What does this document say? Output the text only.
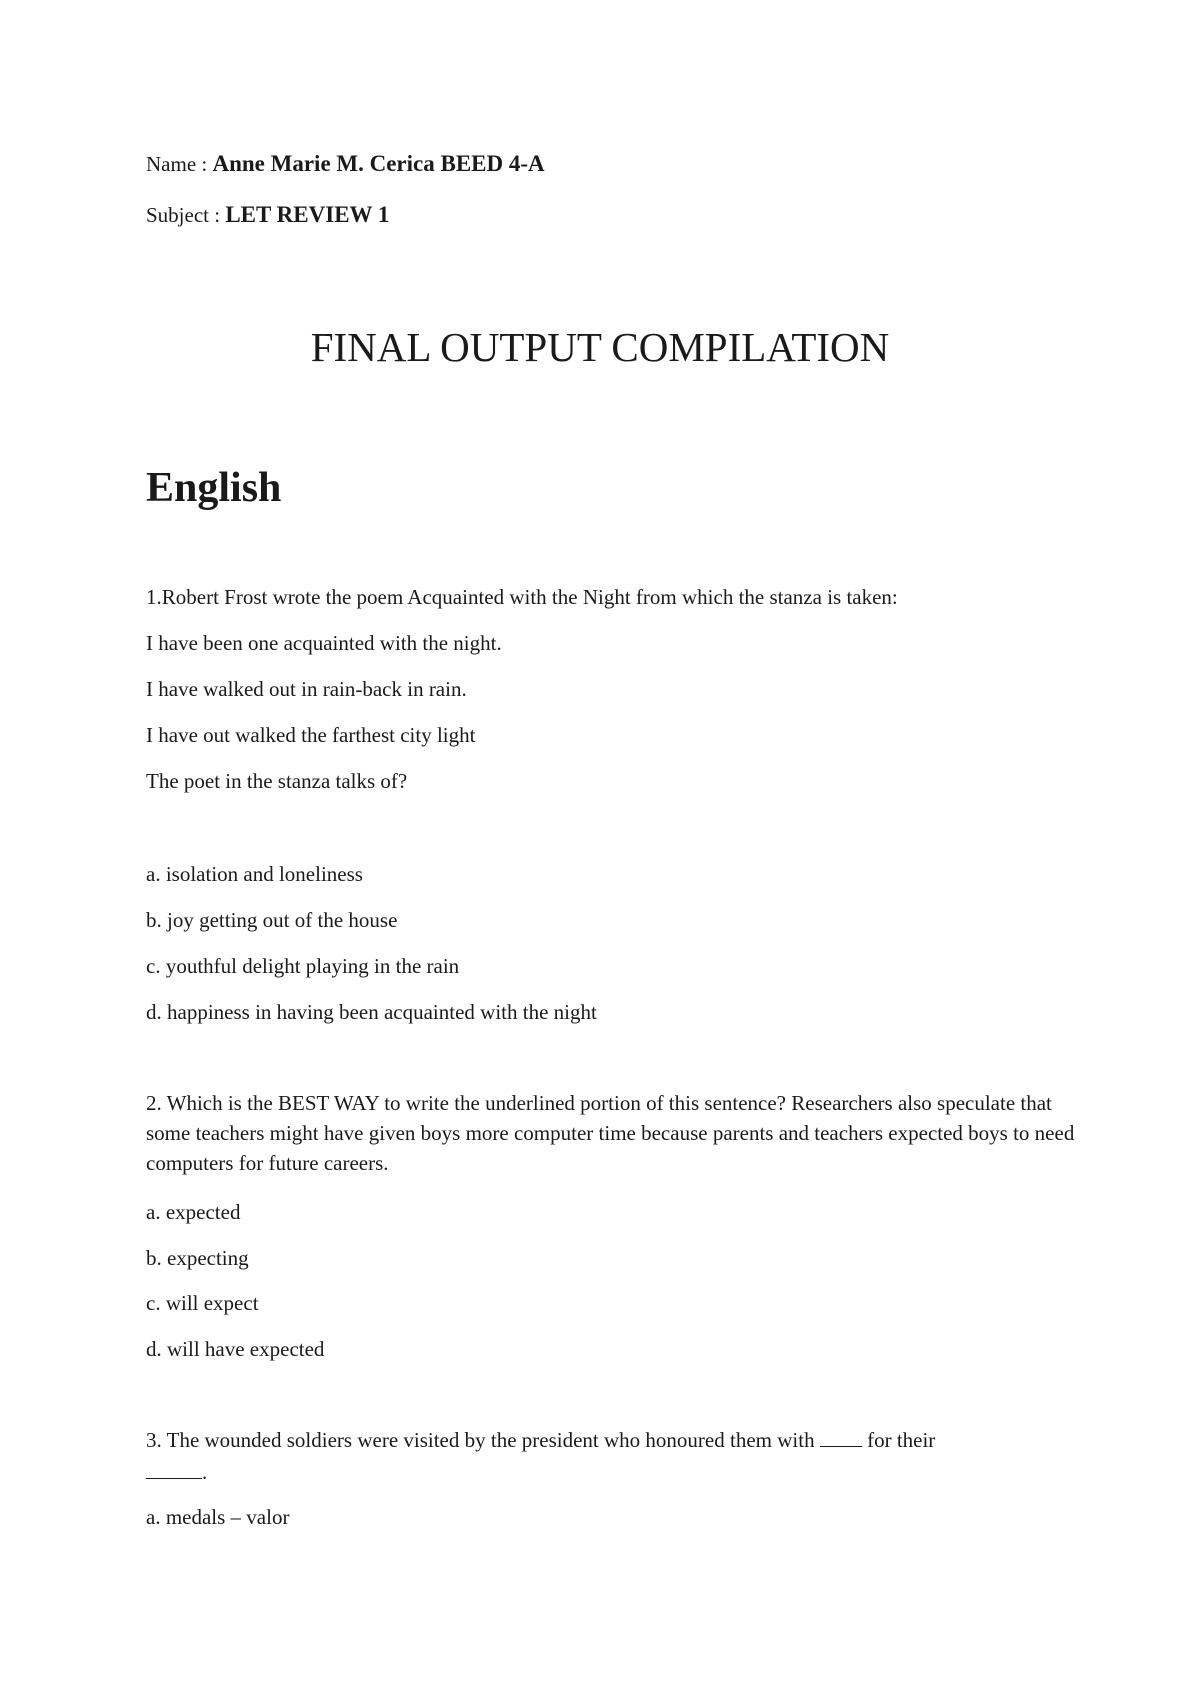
Name : Anne Marie M. Cerica BEED 4-A
Subject : LET REVIEW 1
FINAL OUTPUT COMPILATION
English
1.Robert Frost wrote the poem Acquainted with the Night from which the stanza is taken:
I have been one acquainted with the night.
I have walked out in rain-back in rain.
I have out walked the farthest city light
The poet in the stanza talks of?
a. isolation and loneliness
b. joy getting out of the house
c. youthful delight playing in the rain
d. happiness in having been acquainted with the night
2. Which is the BEST WAY to write the underlined portion of this sentence? Researchers also speculate that some teachers might have given boys more computer time because parents and teachers expected boys to need computers for future careers.
a. expected
b. expecting
c. will expect
d. will have expected
3. The wounded soldiers were visited by the president who honoured them with  for their
.
a. medals – valor
